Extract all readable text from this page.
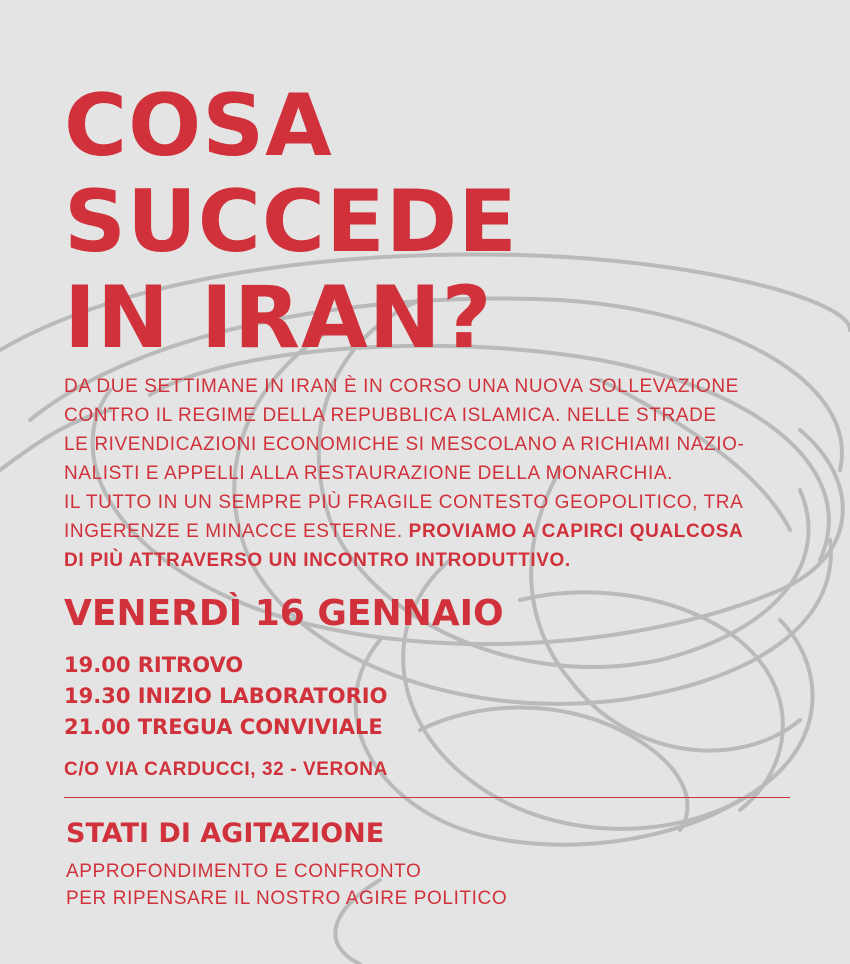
COSA
SUCCEDE
IN IRAN?
DA DUE SETTIMANE IN IRAN È IN CORSO UNA NUOVA SOLLEVAZIONE
CONTRO IL REGIME DELLA REPUBBLICA ISLAMICA. NELLE STRADE
LE RIVENDICAZIONI ECONOMICHE SI MESCOLANO A RICHIAMI NAZIO-
NALISTI E APPELLI ALLA RESTAURAZIONE DELLA MONARCHIA.
IL TUTTO IN UN SEMPRE PIÙ FRAGILE CONTESTO GEOPOLITICO, TRA
INGERENZE E MINACCE ESTERNE. PROVIAMO A CAPIRCI QUALCOSA
DI PIÙ ATTRAVERSO UN INCONTRO INTRODUTTIVO.
VENERDÌ 16 GENNAIO
19.00 RITROVO
19.30 INIZIO LABORATORIO
21.00 TREGUA CONVIVIALE
C/O VIA CARDUCCI, 32 - VERONA
STATI DI AGITAZIONE
APPROFONDIMENTO E CONFRONTO
PER RIPENSARE IL NOSTRO AGIRE POLITICO
